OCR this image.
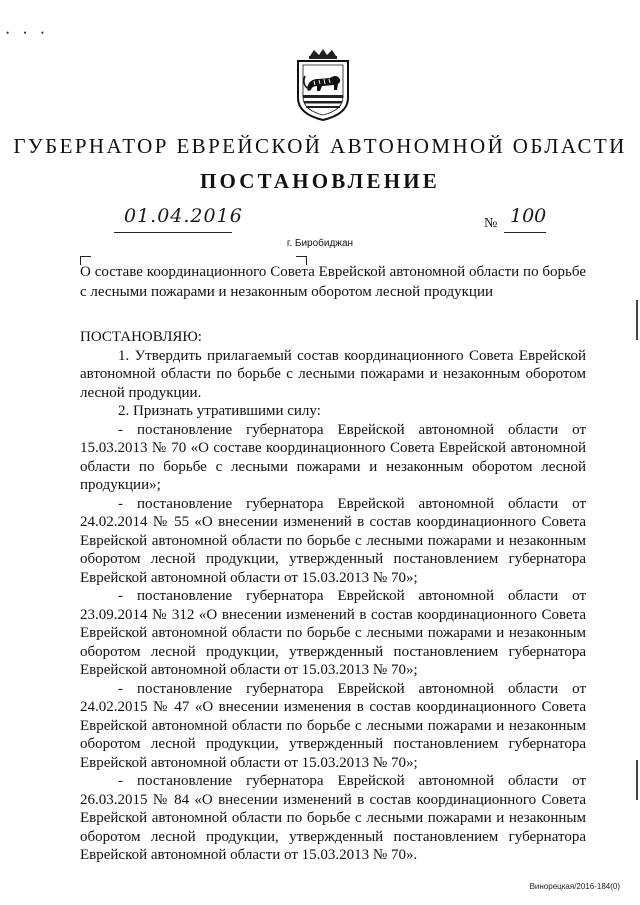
• • •
ГУБЕРНАТОР ЕВРЕЙСКОЙ АВТОНОМНОЙ ОБЛАСТИ
ПОСТАНОВЛЕНИЕ
01.04.2016	№ 100
г. Биробиджан
О составе координационного Совета Еврейской автономной области по борьбе с лесными пожарами и незаконным оборотом лесной продукции

ПОСТАНОВЛЯЮ:

1. Утвердить прилагаемый состав координационного Совета Еврейской автономной области по борьбе с лесными пожарами и незаконным оборотом лесной продукции.

2. Признать утратившими силу:

- постановление губернатора Еврейской автономной области от 15.03.2013 № 70 «О составе координационного Совета Еврейской автономной области по борьбе с лесными пожарами и незаконным оборотом лесной продукции»;

- постановление губернатора Еврейской автономной области от 24.02.2014 № 55 «О внесении изменений в состав координационного Совета Еврейской автономной области по борьбе с лесными пожарами и незаконным оборотом лесной продукции, утвержденный постановлением губернатора Еврейской автономной области от 15.03.2013 № 70»;

- постановление губернатора Еврейской автономной области от 23.09.2014 № 312 «О внесении изменений в состав координационного Совета Еврейской автономной области по борьбе с лесными пожарами и незаконным оборотом лесной продукции, утвержденный постановлением губернатора Еврейской автономной области от 15.03.2013 № 70»;

- постановление губернатора Еврейской автономной области от 24.02.2015 № 47 «О внесении изменения в состав координационного Совета Еврейской автономной области по борьбе с лесными пожарами и незаконным оборотом лесной продукции, утвержденный постановлением губернатора Еврейской автономной области от 15.03.2013 № 70»;

- постановление губернатора Еврейской автономной области от 26.03.2015 № 84 «О внесении изменений в состав координационного Совета Еврейской автономной области по борьбе с лесными пожарами и незаконным оборотом лесной продукции, утвержденный постановлением губернатора Еврейской автономной области от 15.03.2013 № 70».

Винорецкая/2016-184(0)
